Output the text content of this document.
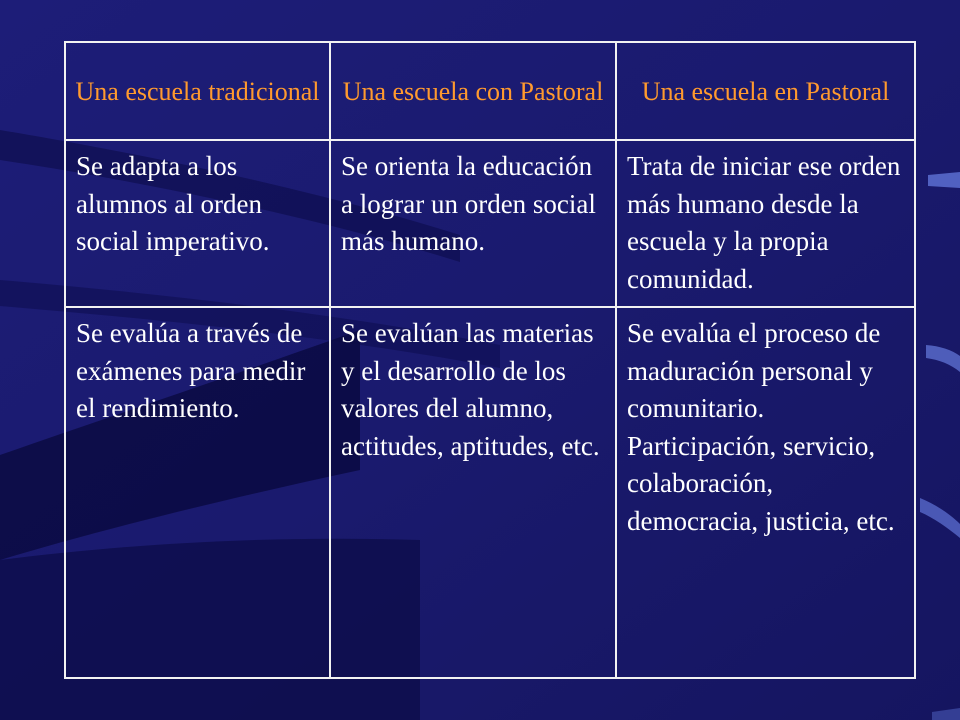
Una escuela tradicional	Una escuela con Pastoral	Una escuela en Pastoral
Se adapta a los alumnos al orden social imperativo.	Se orienta la educación a lograr un orden social más humano.	Trata de iniciar ese orden más humano desde la escuela y la propia comunidad.
Se evalúa a través de exámenes para medir el rendimiento.	Se evalúan las materias y el desarrollo de los valores del alumno, actitudes, aptitudes, etc.	Se evalúa el proceso de maduración personal y comunitario. Participación, servicio, colaboración, democracia, justicia, etc.
